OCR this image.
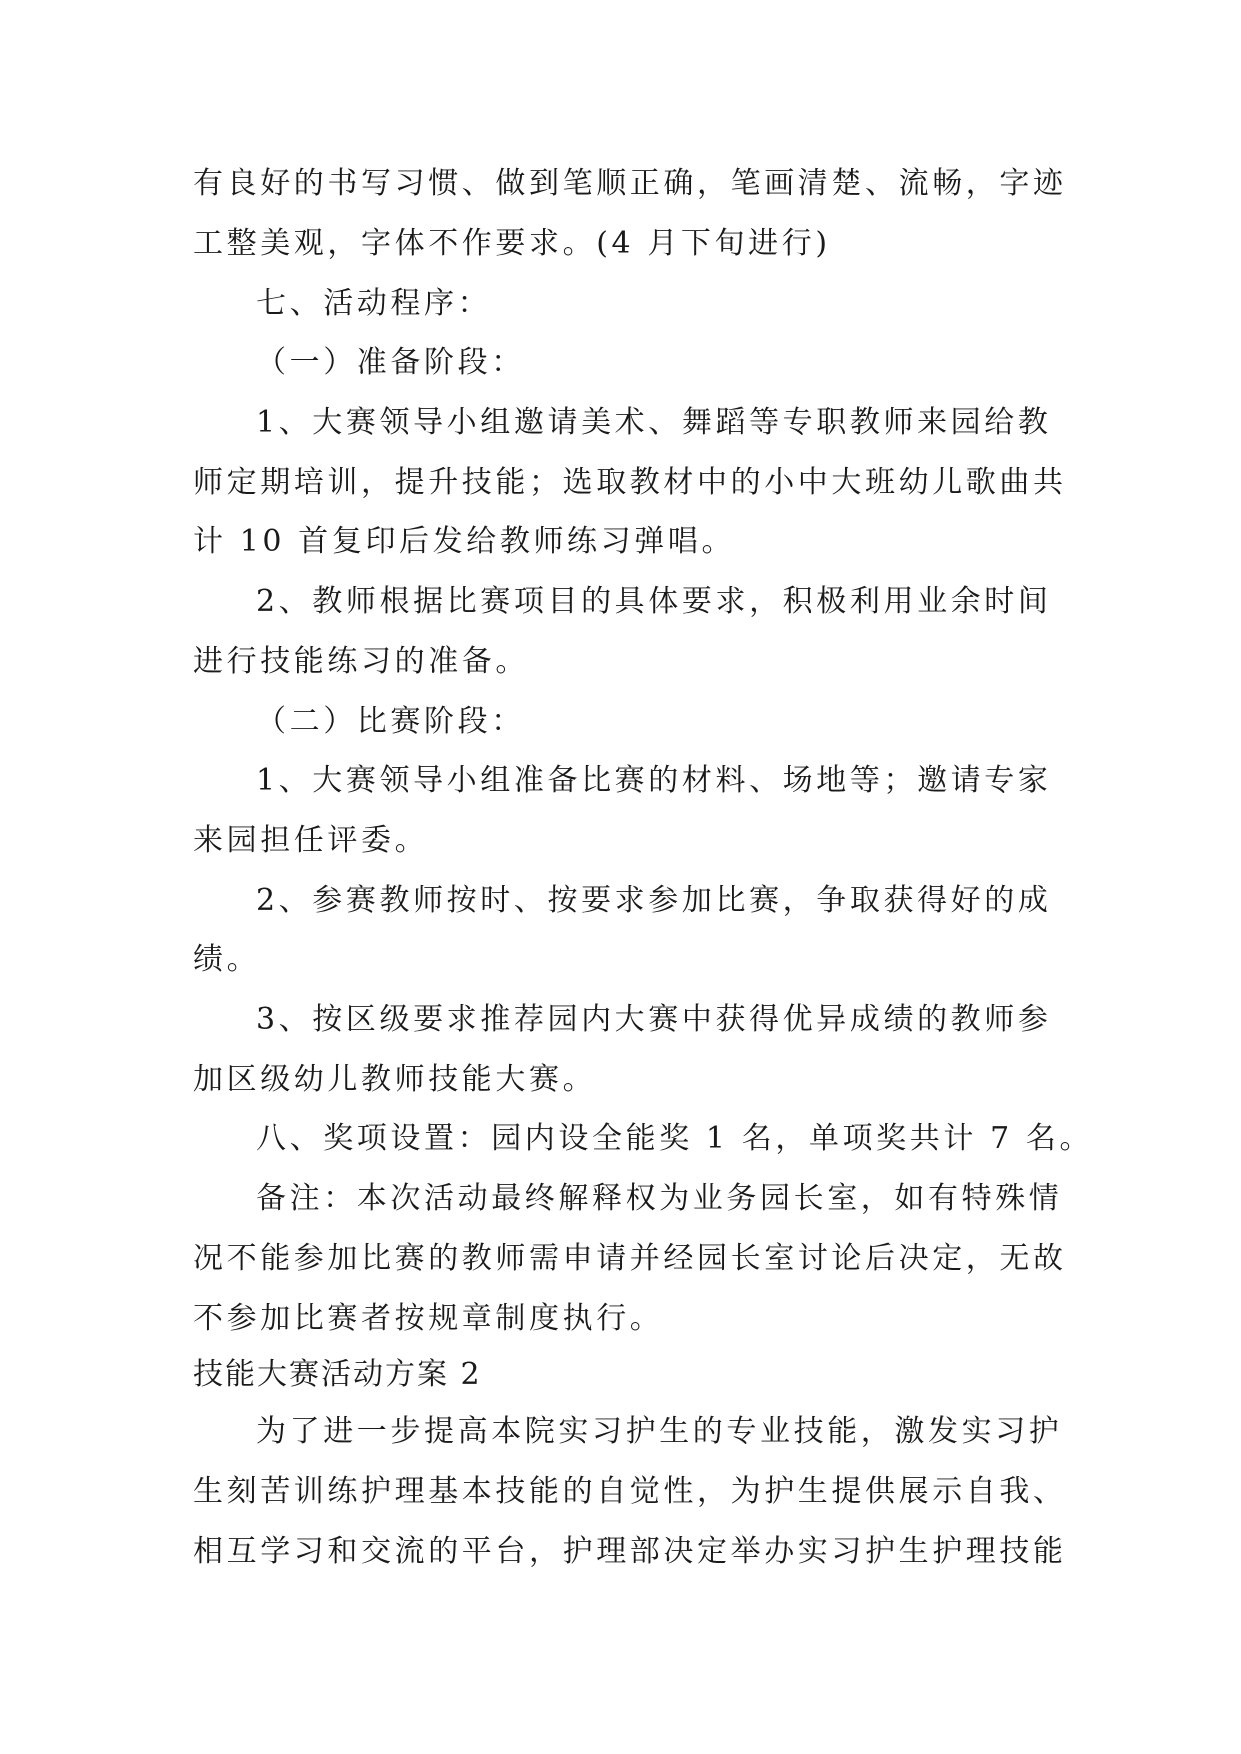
有良好的书写习惯、做到笔顺正确，笔画清楚、流畅，字迹
工整美观，字体不作要求。(4 月下旬进行)
七、活动程序：
（一）准备阶段：
1、大赛领导小组邀请美术、舞蹈等专职教师来园给教
师定期培训，提升技能；选取教材中的小中大班幼儿歌曲共
计 10 首复印后发给教师练习弹唱。
2、教师根据比赛项目的具体要求，积极利用业余时间
进行技能练习的准备。
（二）比赛阶段：
1、大赛领导小组准备比赛的材料、场地等；邀请专家
来园担任评委。
2、参赛教师按时、按要求参加比赛，争取获得好的成
绩。
3、按区级要求推荐园内大赛中获得优异成绩的教师参
加区级幼儿教师技能大赛。
八、奖项设置：园内设全能奖 1 名，单项奖共计 7 名。
备注：本次活动最终解释权为业务园长室，如有特殊情
况不能参加比赛的教师需申请并经园长室讨论后决定，无故
不参加比赛者按规章制度执行。
技能大赛活动方案 2
为了进一步提高本院实习护生的专业技能，激发实习护
生刻苦训练护理基本技能的自觉性，为护生提供展示自我、
相互学习和交流的平台，护理部决定举办实习护生护理技能
